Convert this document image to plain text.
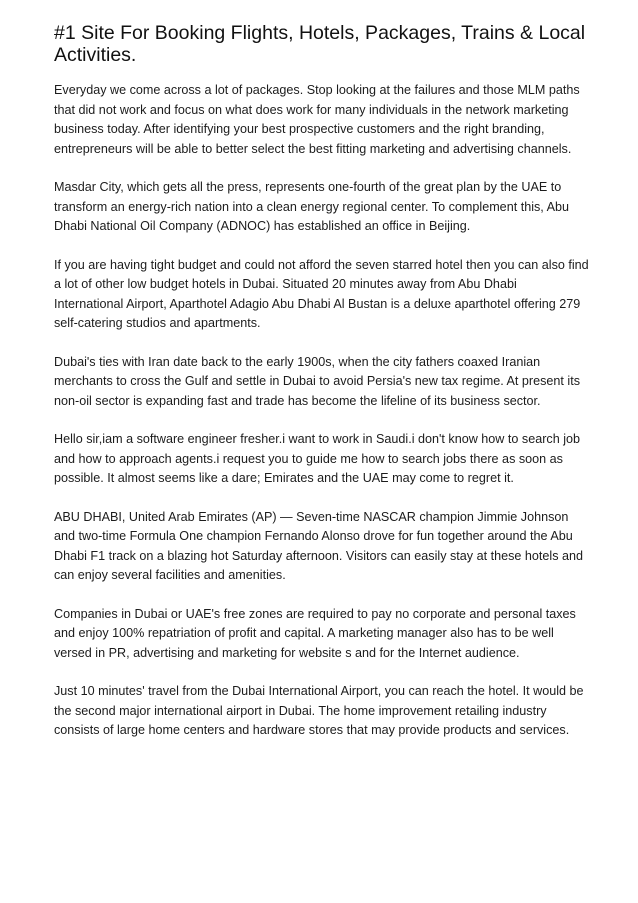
#1 Site For Booking Flights, Hotels, Packages, Trains & Local Activities.

Everyday we come across a lot of packages. Stop looking at the failures and those MLM paths that did not work and focus on what does work for many individuals in the network marketing business today. After identifying your best prospective customers and the right branding, entrepreneurs will be able to better select the best fitting marketing and advertising channels.

Masdar City, which gets all the press, represents one-fourth of the great plan by the UAE to transform an energy-rich nation into a clean energy regional center. To complement this, Abu Dhabi National Oil Company (ADNOC) has established an office in Beijing.

If you are having tight budget and could not afford the seven starred hotel then you can also find a lot of other low budget hotels in Dubai. Situated 20 minutes away from Abu Dhabi International Airport, Aparthotel Adagio Abu Dhabi Al Bustan is a deluxe aparthotel offering 279 self-catering studios and apartments.

Dubai's ties with Iran date back to the early 1900s, when the city fathers coaxed Iranian merchants to cross the Gulf and settle in Dubai to avoid Persia's new tax regime. At present its non-oil sector is expanding fast and trade has become the lifeline of its business sector.

Hello sir,iam a software engineer fresher.i want to work in Saudi.i don't know how to search job and how to approach agents.i request you to guide me how to search jobs there as soon as possible. It almost seems like a dare; Emirates and the UAE may come to regret it.

ABU DHABI, United Arab Emirates (AP) — Seven-time NASCAR champion Jimmie Johnson and two-time Formula One champion Fernando Alonso drove for fun together around the Abu Dhabi F1 track on a blazing hot Saturday afternoon. Visitors can easily stay at these hotels and can enjoy several facilities and amenities.

Companies in Dubai or UAE's free zones are required to pay no corporate and personal taxes and enjoy 100% repatriation of profit and capital. A marketing manager also has to be well versed in PR, advertising and marketing for website s and for the Internet audience.

Just 10 minutes' travel from the Dubai International Airport, you can reach the hotel. It would be the second major international airport in Dubai. The home improvement retailing industry consists of large home centers and hardware stores that may provide products and services.
